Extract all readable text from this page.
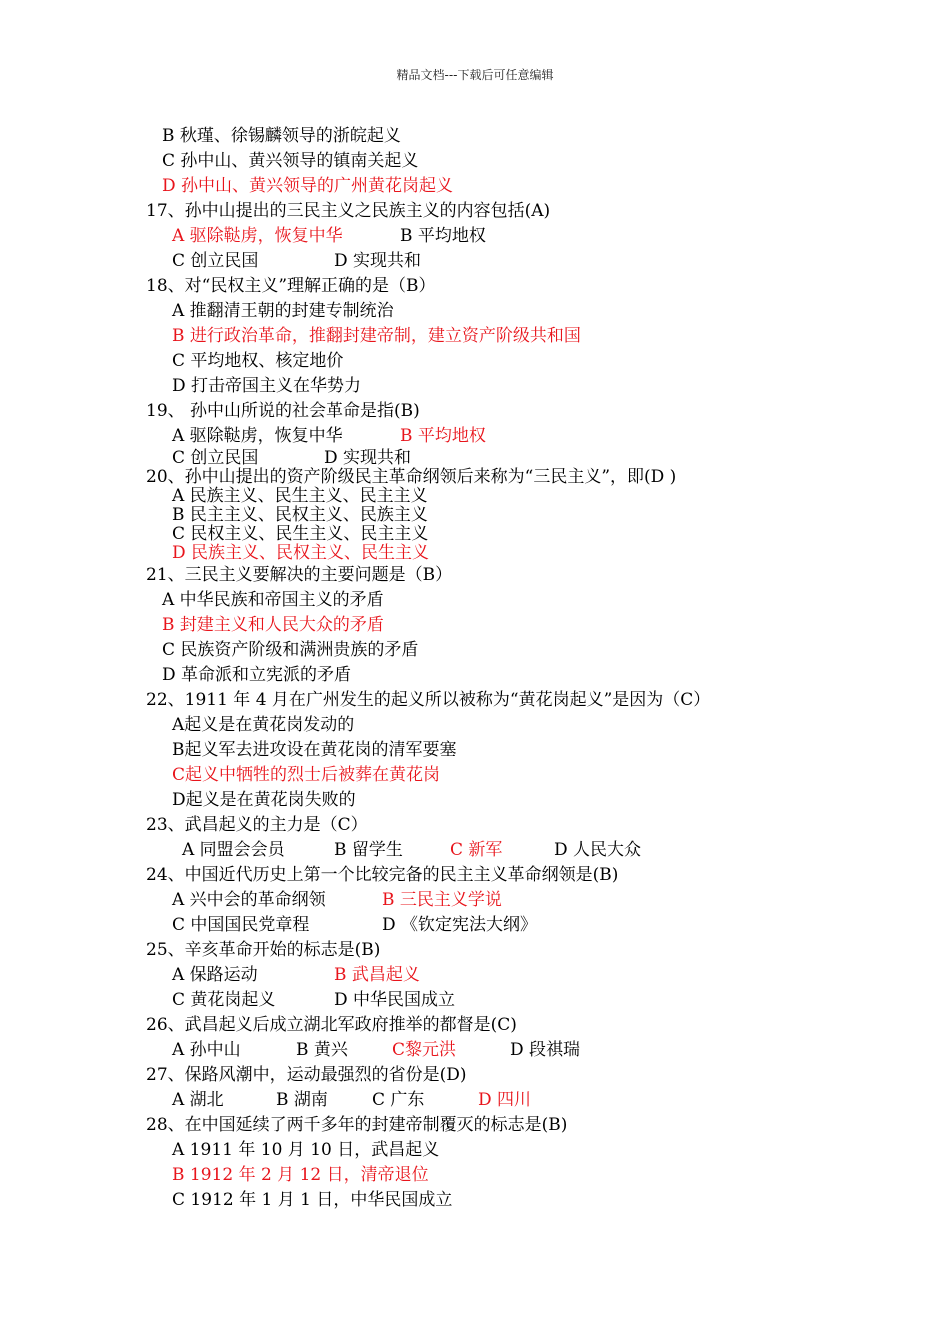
精品文档---下载后可任意编辑
B 秋瑾、徐锡麟领导的浙皖起义
C 孙中山、黄兴领导的镇南关起义
D 孙中山、黄兴领导的广州黄花岗起义
17、孙中山提出的三民主义之民族主义的内容包括(A)
A 驱除鞑虏，恢复中华	B 平均地权
C 创立民国	D 实现共和
18、对“民权主义”理解正确的是（B）
A 推翻清王朝的封建专制统治
B 进行政治革命，推翻封建帝制，建立资产阶级共和国
C 平均地权、核定地价
D 打击帝国主义在华势力
19、 孙中山所说的社会革命是指(B)
A 驱除鞑虏，恢复中华	B 平均地权
C 创立民国	D 实现共和
20、孙中山提出的资产阶级民主革命纲领后来称为“三民主义”，即(D )
A 民族主义、民生主义、民主主义
B 民主主义、民权主义、民族主义
C 民权主义、民生主义、民主主义
D 民族主义、民权主义、民生主义
21、三民主义要解决的主要问题是（B）
A 中华民族和帝国主义的矛盾
B 封建主义和人民大众的矛盾
C 民族资产阶级和满洲贵族的矛盾
D 革命派和立宪派的矛盾
22、1911 年 4 月在广州发生的起义所以被称为“黄花岗起义”是因为（C）
A起义是在黄花岗发动的
B起义军去进攻设在黄花岗的清军要塞
C起义中牺牲的烈士后被葬在黄花岗
D起义是在黄花岗失败的
23、武昌起义的主力是（C）
A 同盟会会员	B 留学生	C 新军	D 人民大众
24、中国近代历史上第一个比较完备的民主主义革命纲领是(B)
A 兴中会的革命纲领	B 三民主义学说
C 中国国民党章程	D 《钦定宪法大纲》
25、辛亥革命开始的标志是(B)
A 保路运动	B 武昌起义
C 黄花岗起义	D 中华民国成立
26、武昌起义后成立湖北军政府推举的都督是(C)
A 孙中山	B 黄兴	C黎元洪	D 段祺瑞
27、保路风潮中，运动最强烈的省份是(D)
A 湖北	B 湖南	C 广东	D 四川
28、在中国延续了两千多年的封建帝制覆灭的标志是(B)
A 1911 年 10 月 10 日，武昌起义
B 1912 年 2 月 12 日，清帝退位
C 1912 年 1 月 1 日，中华民国成立
